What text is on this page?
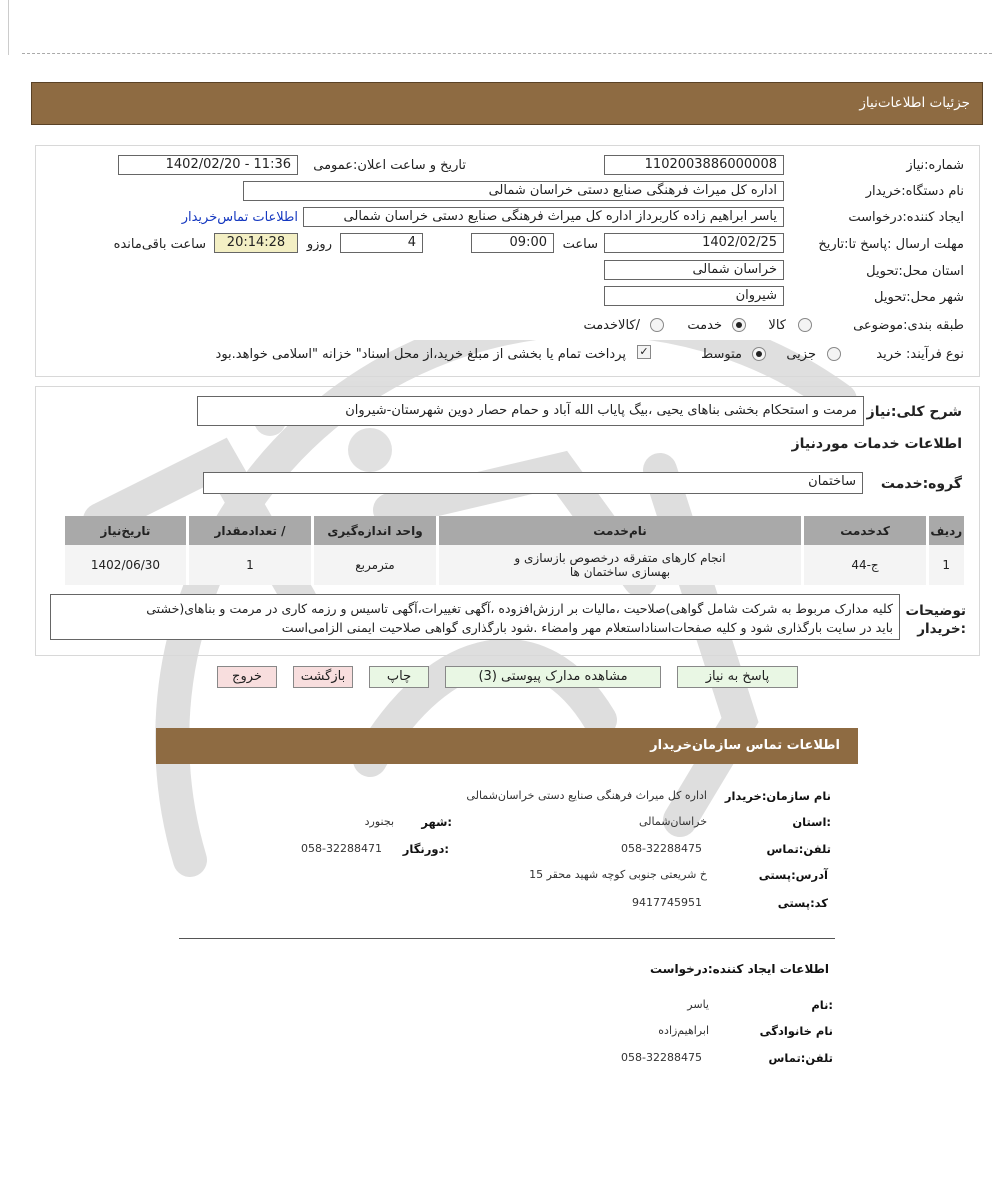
جزئیات اطلاعات‌نیاز
شماره:نیاز
1102003886000008
تاریخ و ساعت اعلان:عمومی
1402/02/20 - 11:36
نام دستگاه:خریدار
اداره کل میراث فرهنگی صنایع دستی خراسان شمالی
ایجاد کننده:درخواست
یاسر ابراهیم زاده کاربرداز اداره کل میراث فرهنگی صنایع دستی خراسان شمالی
اطلاعات تماس‌خریدار
مهلت ارسال :پاسخ تا:تاریخ
1402/02/25
ساعت
09:00
4
روزو
20:14:28
ساعت باقی‌مانده
استان محل:تحویل
خراسان شمالی
شهر محل:تحویل
شیروان
طبقه بندی:موضوعی
کالا
خدمت
/کالاخدمت
نوع فرآیند: خرید
جزیی
متوسط
✓
پرداخت تمام یا بخشی از مبلغ خرید،از محل اسناد" خزانه "اسلامی خواهد.بود
شرح کلی:نیاز
مرمت و استحکام بخشی بناهای یحیی ،بیگ پایاب الله آباد و حمام حصار دوین شهرستان-شیروان
اطلاعات خدمات موردنیاز
گروه:خدمت
ساختمان
ردیف	کدخدمت	نام‌خدمت	واحد اندازه‌گیری	/ تعدادمقدار	تاریخ‌نیاز
1	ج-44	انجام کارهای متفرقه درخصوص بازسازی و بهسازی ساختمان ها	مترمربع	1	1402/06/30
توضیحات :خریدار
کلیه مدارک مربوط به شرکت شامل گواهی)صلاحیت ،مالیات بر ارزش‌افزوده ،آگهی تغییرات،آگهی تاسیس و رزمه کاری در مرمت و بناهای(خشتی
باید در سایت بارگذاری شود و کلیه صفحات‌اسناداستعلام مهر وامضاء .شود بارگذاری گواهی صلاحیت ایمنی الزامی‌است
پاسخ به نیاز
مشاهده مدارک پیوستی (3)
چاپ
بازگشت
خروج
اطلاعات تماس سازمان‌خریدار
نام سازمان:خریدار
اداره کل میراث فرهنگی صنایع دستی خراسان‌شمالی
:استان
خراسان‌شمالی
:شهر
بجنورد
تلفن:تماس
058-32288475
:دورنگار
058-32288471
آدرس:پستی
خ شریعتی جنوبی کوچه شهید محقر 15
کد:پستی
9417745951
اطلاعات ایجاد کننده:درخواست
:نام
یاسر
نام خانوادگی
ابراهیم‌زاده
تلفن:تماس
058-32288475
